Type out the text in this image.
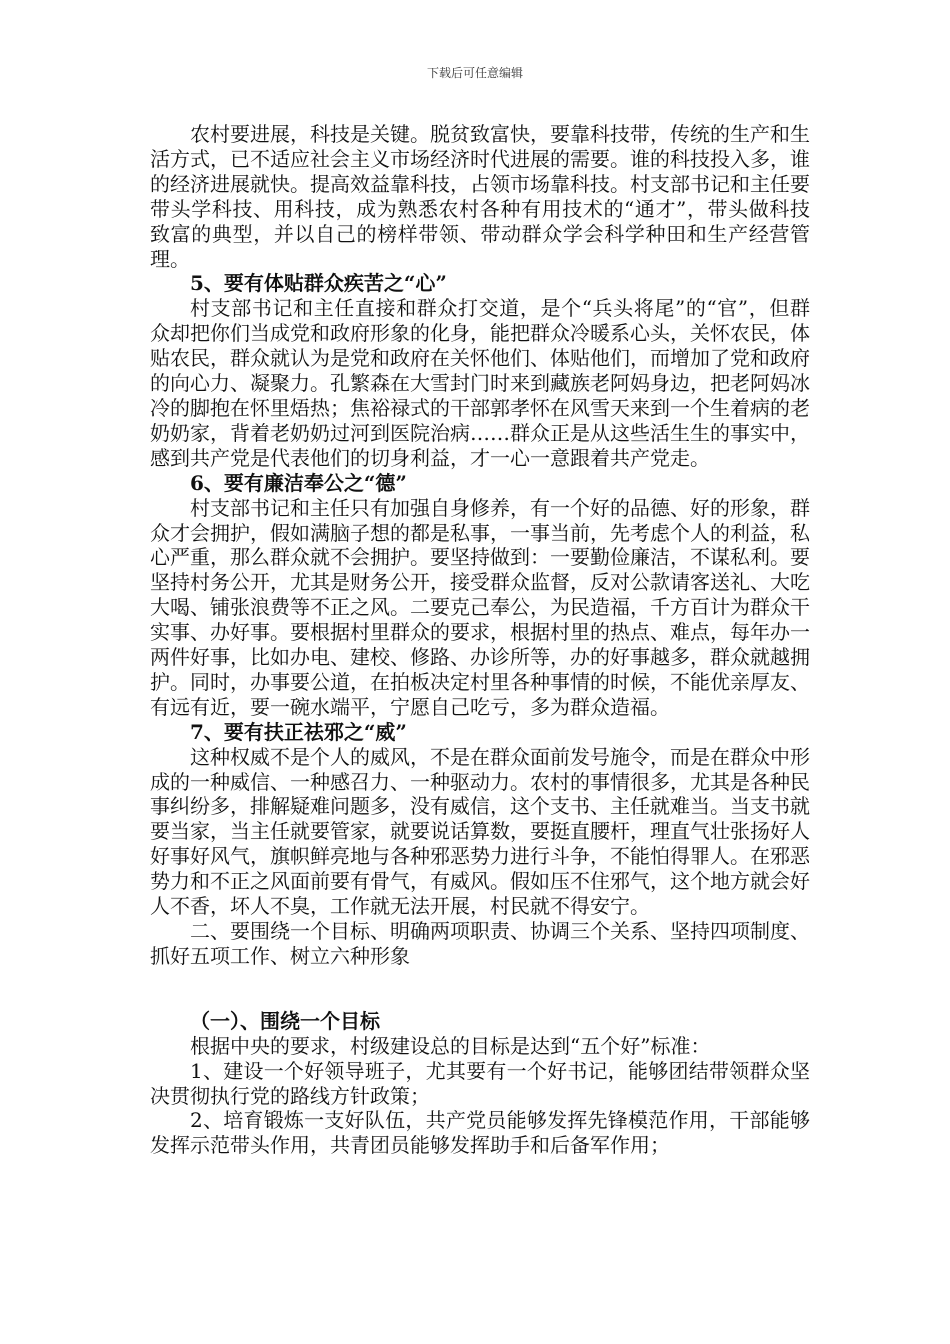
下载后可任意编辑

农村要进展，科技是关键。脱贫致富快，要靠科技带，传统的生产和生活方式，已不适应社会主义市场经济时代进展的需要。谁的科技投入多，谁的经济进展就快。提高效益靠科技，占领市场靠科技。村支部书记和主任要带头学科技、用科技，成为熟悉农村各种有用技术的“通才”，带头做科技致富的典型，并以自己的榜样带领、带动群众学会科学种田和生产经营管理。

5、要有体贴群众疾苦之“心”

村支部书记和主任直接和群众打交道，是个“兵头将尾”的“官”，但群众却把你们当成党和政府形象的化身，能把群众冷暖系心头，关怀农民，体贴农民，群众就认为是党和政府在关怀他们、体贴他们，而增加了党和政府的向心力、凝聚力。孔繁森在大雪封门时来到藏族老阿妈身边，把老阿妈冰冷的脚抱在怀里焐热；焦裕禄式的干部郭孝怀在风雪天来到一个生着病的老奶奶家，背着老奶奶过河到医院治病……群众正是从这些活生生的事实中，感到共产党是代表他们的切身利益，才一心一意跟着共产党走。

6、要有廉洁奉公之“德”

村支部书记和主任只有加强自身修养，有一个好的品德、好的形象，群众才会拥护，假如满脑子想的都是私事，一事当前，先考虑个人的利益，私心严重，那么群众就不会拥护。要坚持做到：一要勤俭廉洁，不谋私利。要坚持村务公开，尤其是财务公开，接受群众监督，反对公款请客送礼、大吃大喝、铺张浪费等不正之风。二要克己奉公，为民造福，千方百计为群众干实事、办好事。要根据村里群众的要求，根据村里的热点、难点，每年办一两件好事，比如办电、建校、修路、办诊所等，办的好事越多，群众就越拥护。同时，办事要公道，在拍板决定村里各种事情的时候，不能优亲厚友、有远有近，要一碗水端平，宁愿自己吃亏，多为群众造福。

7、要有扶正祛邪之“威”

这种权威不是个人的威风，不是在群众面前发号施令，而是在群众中形成的一种威信、一种感召力、一种驱动力。农村的事情很多，尤其是各种民事纠纷多，排解疑难问题多，没有威信，这个支书、主任就难当。当支书就要当家，当主任就要管家，就要说话算数，要挺直腰杆，理直气壮张扬好人好事好风气，旗帜鲜亮地与各种邪恶势力进行斗争，不能怕得罪人。在邪恶势力和不正之风面前要有骨气，有威风。假如压不住邪气，这个地方就会好人不香，坏人不臭，工作就无法开展，村民就不得安宁。

二、要围绕一个目标、明确两项职责、协调三个关系、坚持四项制度、抓好五项工作、树立六种形象

（一）、围绕一个目标

根据中央的要求，村级建设总的目标是达到“五个好”标准：

1、建设一个好领导班子，尤其要有一个好书记，能够团结带领群众坚决贯彻执行党的路线方针政策；

2、培育锻炼一支好队伍，共产党员能够发挥先锋模范作用，干部能够发挥示范带头作用，共青团员能够发挥助手和后备军作用；
